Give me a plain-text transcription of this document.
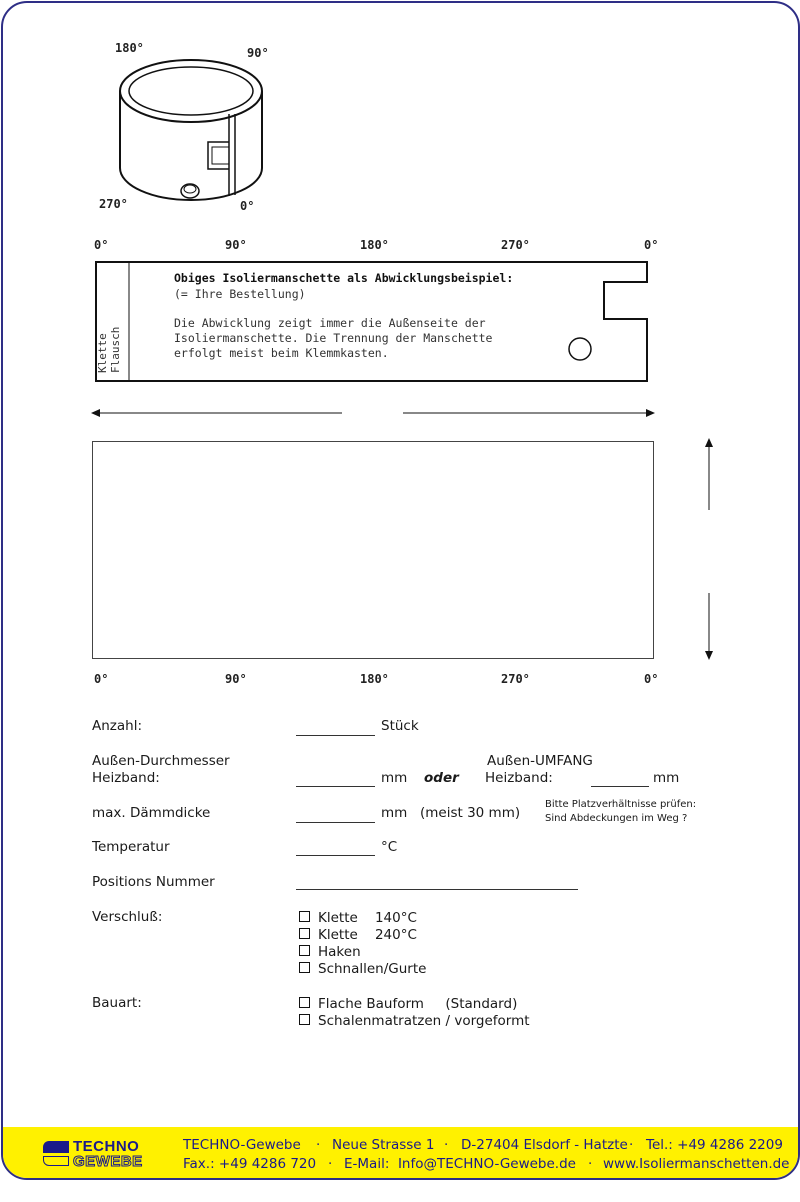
180°	90°
270°	0°
0°	90°	180°	270°	0°
Klette Flausch
Obiges Isoliermanschette als Abwicklungsbeispiel:
(= Ihre Bestellung)
Die Abwicklung zeigt immer die Außenseite der
Isoliermanschette. Die Trennung der Manschette
erfolgt meist beim Klemmkasten.
0°	90°	180°	270°	0°
Anzahl:	Stück
Außen-Durchmesser
Heizband:	mm oder
Außen-UMFANG
Heizband:	mm
max. Dämmdicke	mm (meist 30 mm)
Bitte Platzverhältnisse prüfen:
Sind Abdeckungen im Weg ?
Temperatur	°C
Positions Nummer
Verschluß:	Klette    140°C
Klette    240°C
Haken
Schnallen/Gurte
Bauart:	Flache Bauform     (Standard)
Schalenmatratzen / vorgeformt
TECHNO
GEWEBE
TECHNO-Gewebe · Neue Strasse 1 · D-27404 Elsdorf - Hatzte · Tel.: +49 4286 2209
Fax.: +49 4286 720 · E-Mail:  Info@TECHNO-Gewebe.de · www.Isoliermanschetten.de
